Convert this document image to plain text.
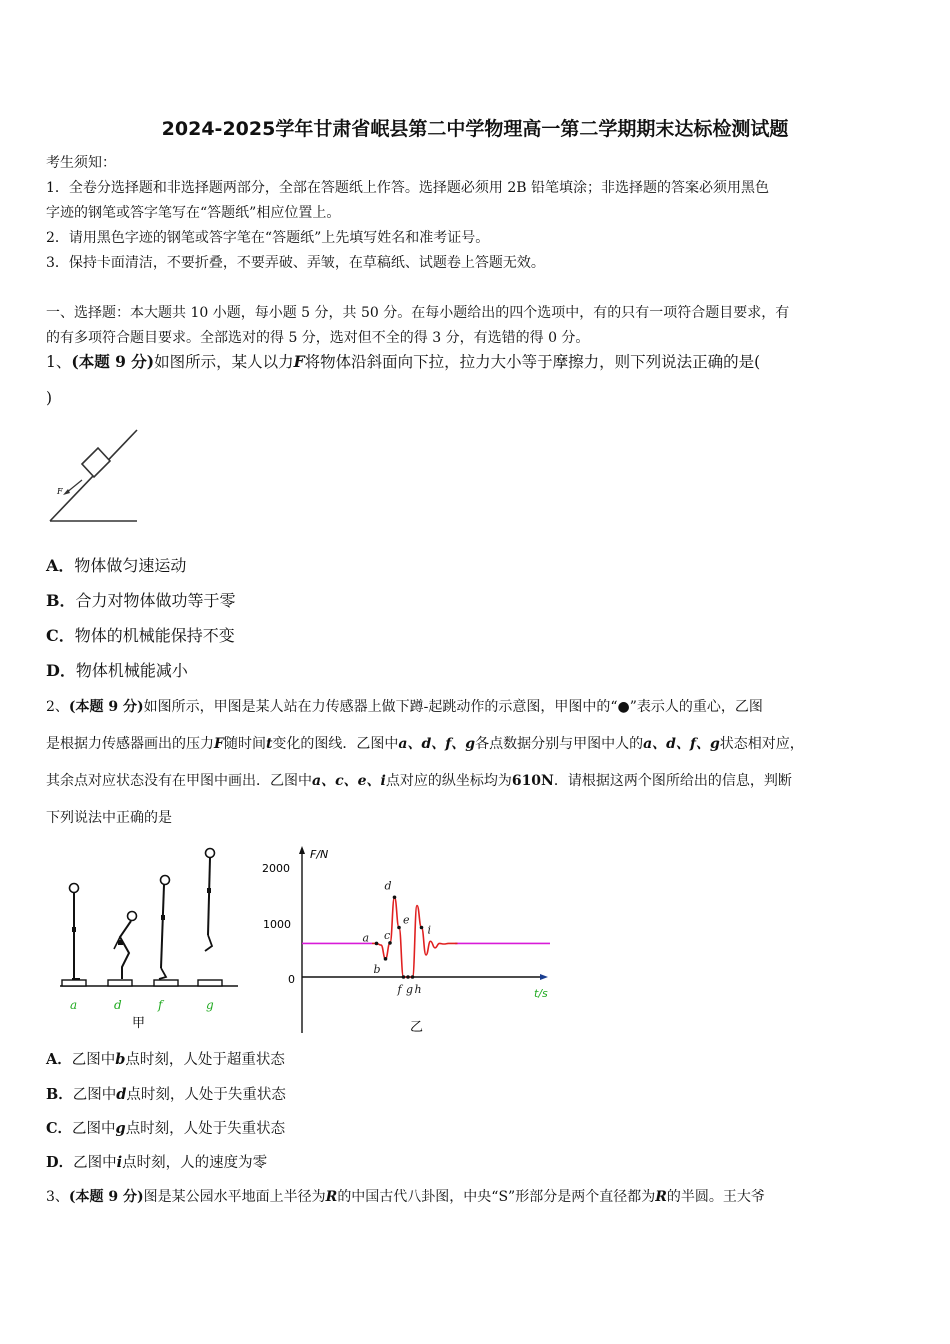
2024-2025学年甘肃省岷县第二中学物理高一第二学期期末达标检测试题
考生须知：
1．全卷分选择题和非选择题两部分，全部在答题纸上作答。选择题必须用 2B 铅笔填涂；非选择题的答案必须用黑色
字迹的钢笔或答字笔写在“答题纸”相应位置上。
2．请用黑色字迹的钢笔或答字笔在“答题纸”上先填写姓名和准考证号。
3．保持卡面清洁，不要折叠，不要弄破、弄皱，在草稿纸、试题卷上答题无效。
一、选择题：本大题共 10 小题，每小题 5 分，共 50 分。在每小题给出的四个选项中，有的只有一项符合题目要求，有
的有多项符合题目要求。全部选对的得 5 分，选对但不全的得 3 分，有选错的得 0 分。
1、(本题 9 分)如图所示，某人以力F将物体沿斜面向下拉，拉力大小等于摩擦力，则下列说法正确的是(
)
F
A．物体做匀速运动
B．合力对物体做功等于零
C．物体的机械能保持不变
D．物体机械能减小
2、(本题 9 分)如图所示，甲图是某人站在力传感器上做下蹲-起跳动作的示意图，甲图中的“●”表示人的重心，乙图
是根据力传感器画出的压力F随时间t变化的图线．乙图中a、d、f、g各点数据分别与甲图中人的a、d、f、g状态相对应，
其余点对应状态没有在甲图中画出．乙图中a、c、e、i点对应的纵坐标均为610N．请根据这两个图所给出的信息，判断
下列说法中正确的是
a	d	f	g
甲
F/N
t/s
2000
1000
0
乙
a
b
c
d
e
f g h
i
A．乙图中b点时刻，人处于超重状态
B．乙图中d点时刻，人处于失重状态
C．乙图中g点时刻，人处于失重状态
D．乙图中i点时刻，人的速度为零
3、(本题 9 分)图是某公园水平地面上半径为R的中国古代八卦图，中央“S”形部分是两个直径都为R的半圆。王大爷
